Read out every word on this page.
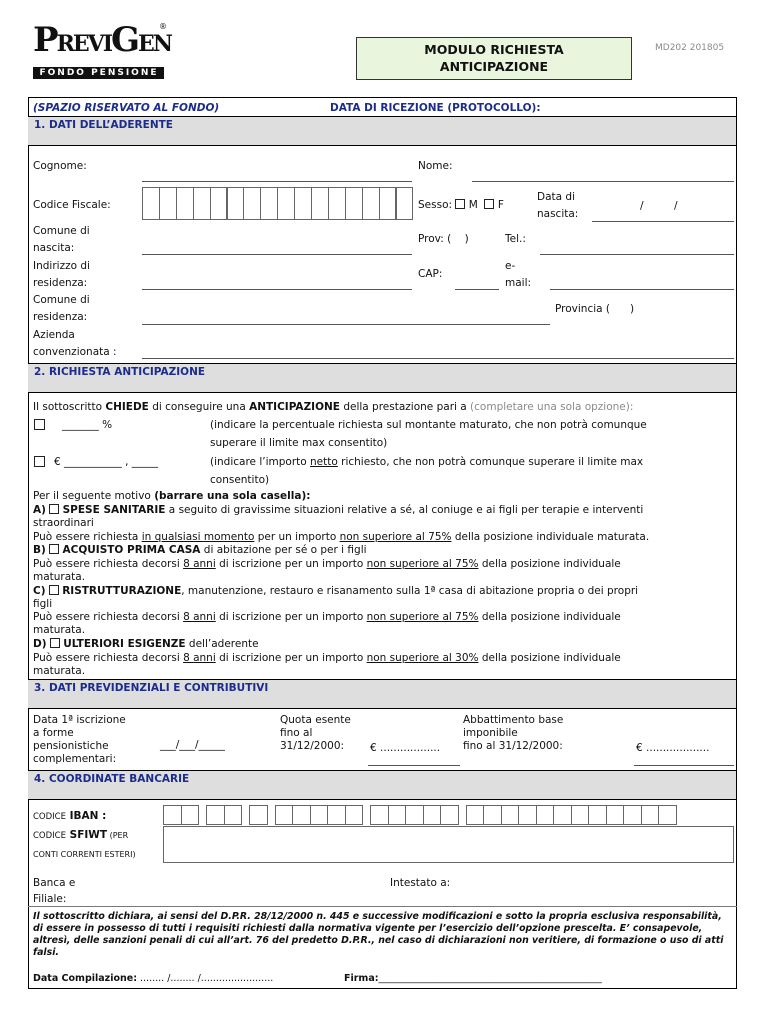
PREVIGEN
®
FONDO PENSIONE
MODULO RICHIESTA
ANTICIPAZIONE
MD202 201805
(SPAZIO RISERVATO AL FONDO)	DATA DI RICEZIONE (PROTOCOLLO):
1. DATI DELL’ADERENTE
Cognome:	Nome:
Codice Fiscale:	Sesso: M F
Data di
nascita:
/	/
Comune di
nascita:
Prov: ( )	Tel.:
Indirizzo di
residenza:
CAP:
e-
mail:
Comune di
residenza:
Provincia ( )
Azienda
convenzionata :
2. RICHIESTA ANTICIPAZIONE
Il sottoscritto CHIEDE di conseguire una ANTICIPAZIONE della prestazione pari a (completare una sola opzione):
_______ %	(indicare la percentuale richiesta sul montante maturato, che non potrà comunque
superare il limite max consentito)
€ ___________ , _____	(indicare l’importo netto richiesto, che non potrà comunque superare il limite max
consentito)
Per il seguente motivo (barrare una sola casella):
A) SPESE SANITARIE a seguito di gravissime situazioni relative a sé, al coniuge e ai figli per terapie e interventi
straordinari
Può essere richiesta in qualsiasi momento per un importo non superiore al 75% della posizione individuale maturata.
B) ACQUISTO PRIMA CASA di abitazione per sé o per i figli
Può essere richiesta decorsi 8 anni di iscrizione per un importo non superiore al 75% della posizione individuale
maturata.
C) RISTRUTTURAZIONE, manutenzione, restauro e risanamento sulla 1ª casa di abitazione propria o dei propri
figli
Può essere richiesta decorsi 8 anni di iscrizione per un importo non superiore al 75% della posizione individuale
maturata.
D) ULTERIORI ESIGENZE dell’aderente
Può essere richiesta decorsi 8 anni di iscrizione per un importo non superiore al 30% della posizione individuale
maturata.
3. DATI PREVIDENZIALI E CONTRIBUTIVI
Data 1ª iscrizione
a forme
pensionistiche
complementari:
___/___/_____
Quota esente
fino al
31/12/2000: € ..................
Abbattimento base
imponibile
fino al 31/12/2000:	€ ...................
4. COORDINATE BANCARIE
CODICE IBAN :
CODICE SFIWT (PER
CONTI CORRENTI ESTERI)
Banca e
Filiale:
Intestato a:
Il sottoscritto dichiara, ai sensi del D.P.R. 28/12/2000 n. 445 e successive modificazioni e sotto la propria esclusiva responsabilità, di essere in possesso di tutti i requisiti richiesti dalla normativa vigente per l’esercizio dell’opzione prescelta. E’ consapevole, altresì, delle sanzioni penali di cui all’art. 76 del predetto D.P.R., nel caso di dichiarazioni non veritiere, di formazione o uso di atti falsi.
Data Compilazione: ........ /........ /........................	Firma:_______________________________________________
